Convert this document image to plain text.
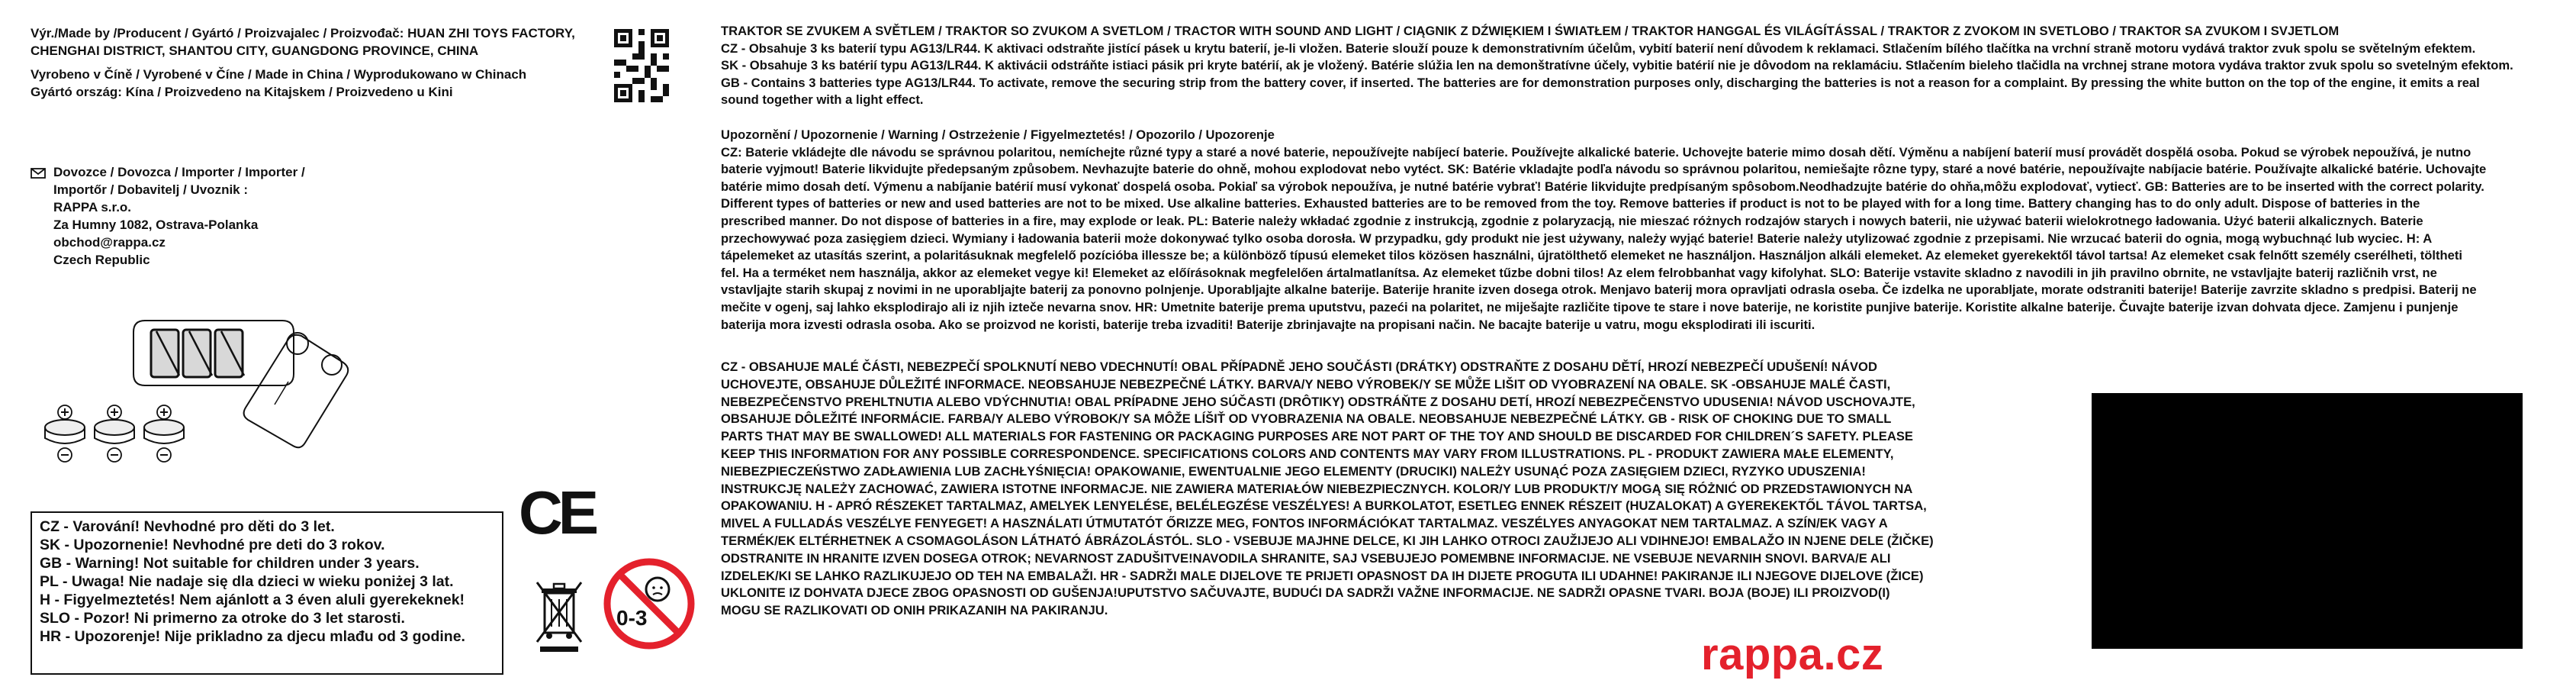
Výr./Made by /Producent / Gyártó / Proizvajalec / Proizvođač: HUAN ZHI TOYS FACTORY,
CHENGHAI DISTRICT, SHANTOU CITY, GUANGDONG PROVINCE, CHINA
Vyrobeno v Číně / Vyrobené v Číne / Made in China / Wyprodukowano w Chinach
Gyártó ország: Kína / Proizvedeno na Kitajskem / Proizvedeno u Kini
Dovozce / Dovozca / Importer / Importer /
Importőr / Dobavitelj / Uvoznik :
RAPPA s.r.o.
Za Humny 1082, Ostrava-Polanka
obchod@rappa.cz
Czech Republic
CZ - Varování! Nevhodné pro děti do 3 let.
SK - Upozornenie! Nevhodné pre deti do 3 rokov.
GB - Warning! Not suitable for children under 3 years.
PL - Uwaga! Nie nadaje się dla dzieci w wieku poniżej 3 lat.
H - Figyelmeztetés! Nem ajánlott a 3 éven aluli gyerekeknek!
SLO - Pozor! Ni primerno za otroke do 3 let starosti.
HR - Upozorenje! Nije prikladno za djecu mlađu od 3 godine.
CE
0-3
TRAKTOR SE ZVUKEM A SVĚTLEM / TRAKTOR SO ZVUKOM A SVETLOM / TRACTOR WITH SOUND AND LIGHT / CIĄGNIK Z DŹWIĘKIEM I ŚWIATŁEM / TRAKTOR HANGGAL ÉS VILÁGÍTÁSSAL / TRAKTOR Z ZVOKOM IN SVETLOBO / TRAKTOR SA ZVUKOM I SVJETLOM
CZ - Obsahuje 3 ks baterií typu AG13/LR44. K aktivaci odstraňte jistící pásek u krytu baterií, je-li vložen. Baterie slouží pouze k demonstrativním účelům, vybití baterií není důvodem k reklamaci. Stlačením bílého tlačítka na vrchní straně motoru vydává traktor zvuk spolu se světelným efektem.
SK - Obsahuje 3 ks batérií typu AG13/LR44. K aktivácii odstráňte istiaci pásik pri kryte batérií, ak je vložený. Batérie slúžia len na demonštratívne účely, vybitie batérií nie je dôvodom na reklamáciu. Stlačením bieleho tlačidla na vrchnej strane motora vydáva traktor zvuk spolu so svetelným efektom.
GB - Contains 3 batteries type AG13/LR44. To activate, remove the securing strip from the battery cover, if inserted. The batteries are for demonstration purposes only, discharging the batteries is not a reason for a complaint. By pressing the white button on the top of the engine, it emits a real
sound together with a light effect.
Upozornění / Upozornenie / Warning / Ostrzeżenie / Figyelmeztetés! / Opozorilo / Upozorenje
CZ: Baterie vkládejte dle návodu se správnou polaritou, nemíchejte různé typy a staré a nové baterie, nepoužívejte nabíjecí baterie. Používejte alkalické baterie. Uchovejte baterie mimo dosah dětí. Výměnu a nabíjení baterií musí provádět dospělá osoba. Pokud se výrobek nepoužívá, je nutno
baterie vyjmout! Baterie likvidujte předepsaným způsobem. Nevhazujte baterie do ohně, mohou explodovat nebo vytéct. SK: Batérie vkladajte podľa návodu so správnou polaritou, nemiešajte rôzne typy, staré a nové batérie, nepoužívajte nabíjacie batérie. Používajte alkalické batérie. Uchovajte
batérie mimo dosah detí. Výmenu a nabíjanie batérií musí vykonať dospelá osoba. Pokiaľ sa výrobok nepoužíva, je nutné batérie vybrať! Batérie likvidujte predpísaným spôsobom.Neodhadzujte batérie do ohňa,môžu explodovať, vytiecť. GB: Batteries are to be inserted with the correct polarity.
Different types of batteries or new and used batteries are not to be mixed. Use alkaline batteries. Exhausted batteries are to be removed from the toy. Remove batteries if product is not to be played with for a long time. Battery changing has to do only adult. Dispose of batteries in the
prescribed manner. Do not dispose of batteries in a fire, may explode or leak. PL: Baterie należy wkładać zgodnie z instrukcją, zgodnie z polaryzacją, nie mieszać różnych rodzajów starych i nowych baterii, nie używać baterii wielokrotnego ładowania. Użyć baterii alkalicznych. Baterie
przechowywać poza zasięgiem dzieci. Wymiany i ładowania baterii może dokonywać tylko osoba dorosła. W przypadku, gdy produkt nie jest używany, należy wyjąć baterie! Baterie należy utylizować zgodnie z przepisami. Nie wrzucać baterii do ognia, mogą wybuchnąć lub wyciec. H: A
tápelemeket az utasítás szerint, a polaritásuknak megfelelő pozícióba illessze be; a különböző típusú elemeket tilos közösen használni, újratölthető elemeket ne használjon. Használjon alkáli elemeket. Az elemeket gyerekektől távol tartsa! Az elemeket csak felnőtt személy cserélheti, töltheti
fel. Ha a terméket nem használja, akkor az elemeket vegye ki! Elemeket az előírásoknak megfelelően ártalmatlanítsa. Az elemeket tűzbe dobni tilos! Az elem felrobbanhat vagy kifolyhat. SLO: Baterije vstavite skladno z navodili in jih pravilno obrnite, ne vstavljajte baterij različnih vrst, ne
vstavljajte starih skupaj z novimi in ne uporabljajte baterij za ponovno polnjenje. Uporabljajte alkalne baterije. Baterije hranite izven dosega otrok. Menjavo baterij mora opravljati odrasla oseba. Če izdelka ne uporabljate, morate odstraniti baterije! Baterije zavrzite skladno s predpisi. Baterij ne
mečite v ogenj, saj lahko eksplodirajo ali iz njih izteče nevarna snov. HR: Umetnite baterije prema uputstvu, pazeći na polaritet, ne miješajte različite tipove te stare i nove baterije, ne koristite punjive baterije. Koristite alkalne baterije. Čuvajte baterije izvan dohvata djece. Zamjenu i punjenje
baterija mora izvesti odrasla osoba. Ako se proizvod ne koristi, baterije treba izvaditi! Baterije zbrinjavajte na propisani način. Ne bacajte baterije u vatru, mogu eksplodirati ili iscuriti.
CZ - OBSAHUJE MALÉ ČÁSTI, NEBEZPEČÍ SPOLKNUTÍ NEBO VDECHNUTÍ! OBAL PŘÍPADNĚ JEHO SOUČÁSTI (DRÁTKY) ODSTRAŇTE Z DOSAHU DĚTÍ, HROZÍ NEBEZPEČÍ UDUŠENÍ! NÁVOD
UCHOVEJTE, OBSAHUJE DŮLEŽITÉ INFORMACE. NEOBSAHUJE NEBEZPEČNÉ LÁTKY. BARVA/Y NEBO VÝROBEK/Y SE MŮŽE LIŠIT OD VYOBRAZENÍ NA OBALE. SK -OBSAHUJE MALÉ ČASTI,
NEBEZPEČENSTVO PREHLTNUTIA ALEBO VDÝCHNUTIA! OBAL PRÍPADNE JEHO SÚČASTI (DRÔTIKY) ODSTRÁŇTE Z DOSAHU DETÍ, HROZÍ NEBEZPEČENSTVO UDUSENIA! NÁVOD USCHOVAJTE,
OBSAHUJE DÔLEŽITÉ INFORMÁCIE. FARBA/Y ALEBO VÝROBOK/Y SA MÔŽE LÍŠIŤ OD VYOBRAZENIA NA OBALE. NEOBSAHUJE NEBEZPEČNÉ LÁTKY. GB - RISK OF CHOKING DUE TO SMALL
PARTS THAT MAY BE SWALLOWED! ALL MATERIALS FOR FASTENING OR PACKAGING PURPOSES ARE NOT PART OF THE TOY AND SHOULD BE DISCARDED FOR CHILDREN´S SAFETY. PLEASE
KEEP THIS INFORMATION FOR ANY POSSIBLE CORRESPONDENCE. SPECIFICATIONS COLORS AND CONTENTS MAY VARY FROM ILLUSTRATIONS. PL - PRODUKT ZAWIERA MAŁE ELEMENTY,
NIEBEZPIECZEŃSTWO ZADŁAWIENIA LUB ZACHŁYŚNIĘCIA! OPAKOWANIE, EWENTUALNIE JEGO ELEMENTY (DRUCIKI) NALEŻY USUNĄĆ POZA ZASIĘGIEM DZIECI, RYZYKO UDUSZENIA!
INSTRUKCJĘ NALEŻY ZACHOWAĆ, ZAWIERA ISTOTNE INFORMACJE. NIE ZAWIERA MATERIAŁÓW NIEBEZPIECZNYCH. KOLOR/Y LUB PRODUKT/Y MOGĄ SIĘ RÓŻNIĆ OD PRZEDSTAWIONYCH NA
OPAKOWANIU. H - APRÓ RÉSZEKET TARTALMAZ, AMELYEK LENYELÉSE, BELÉLEGZÉSE VESZÉLYES! A BURKOLATOT, ESETLEG ENNEK RÉSZEIT (HUZALOKAT) A GYEREKEKTŐL TÁVOL TARTSA,
MIVEL A FULLADÁS VESZÉLYE FENYEGET! A HASZNÁLATI ÚTMUTATÓT ŐRIZZE MEG, FONTOS INFORMÁCIÓKAT TARTALMAZ. VESZÉLYES ANYAGOKAT NEM TARTALMAZ. A SZÍN/EK VAGY A
TERMÉK/EK ELTÉRHETNEK A CSOMAGOLÁSON LÁTHATÓ ÁBRÁZOLÁSTÓL. SLO - VSEBUJE MAJHNE DELCE, KI JIH LAHKO OTROCI ZAUŽIJEJO ALI VDIHNEJO! EMBALAŽO IN NJENE DELE (ŽIČKE)
ODSTRANITE IN HRANITE IZVEN DOSEGA OTROK; NEVARNOST ZADUŠITVE!NAVODILA SHRANITE, SAJ VSEBUJEJO POMEMBNE INFORMACIJE. NE VSEBUJE NEVARNIH SNOVI. BARVA/E ALI
IZDELEK/KI SE LAHKO RAZLIKUJEJO OD TEH NA EMBALAŽI. HR - SADRŽI MALE DIJELOVE TE PRIJETI OPASNOST DA IH DIJETE PROGUTA ILI UDAHNE! PAKIRANJE ILI NJEGOVE DIJELOVE (ŽICE)
UKLONITE IZ DOHVATA DJECE ZBOG OPASNOSTI OD GUŠENJA!UPUTSTVO SAČUVAJTE, BUDUĆI DA SADRŽI VAŽNE INFORMACIJE. NE SADRŽI OPASNE TVARI. BOJA (BOJE) ILI PROIZVOD(I)
MOGU SE RAZLIKOVATI OD ONIH PRIKAZANIH NA PAKIRANJU.
rappa.cz
